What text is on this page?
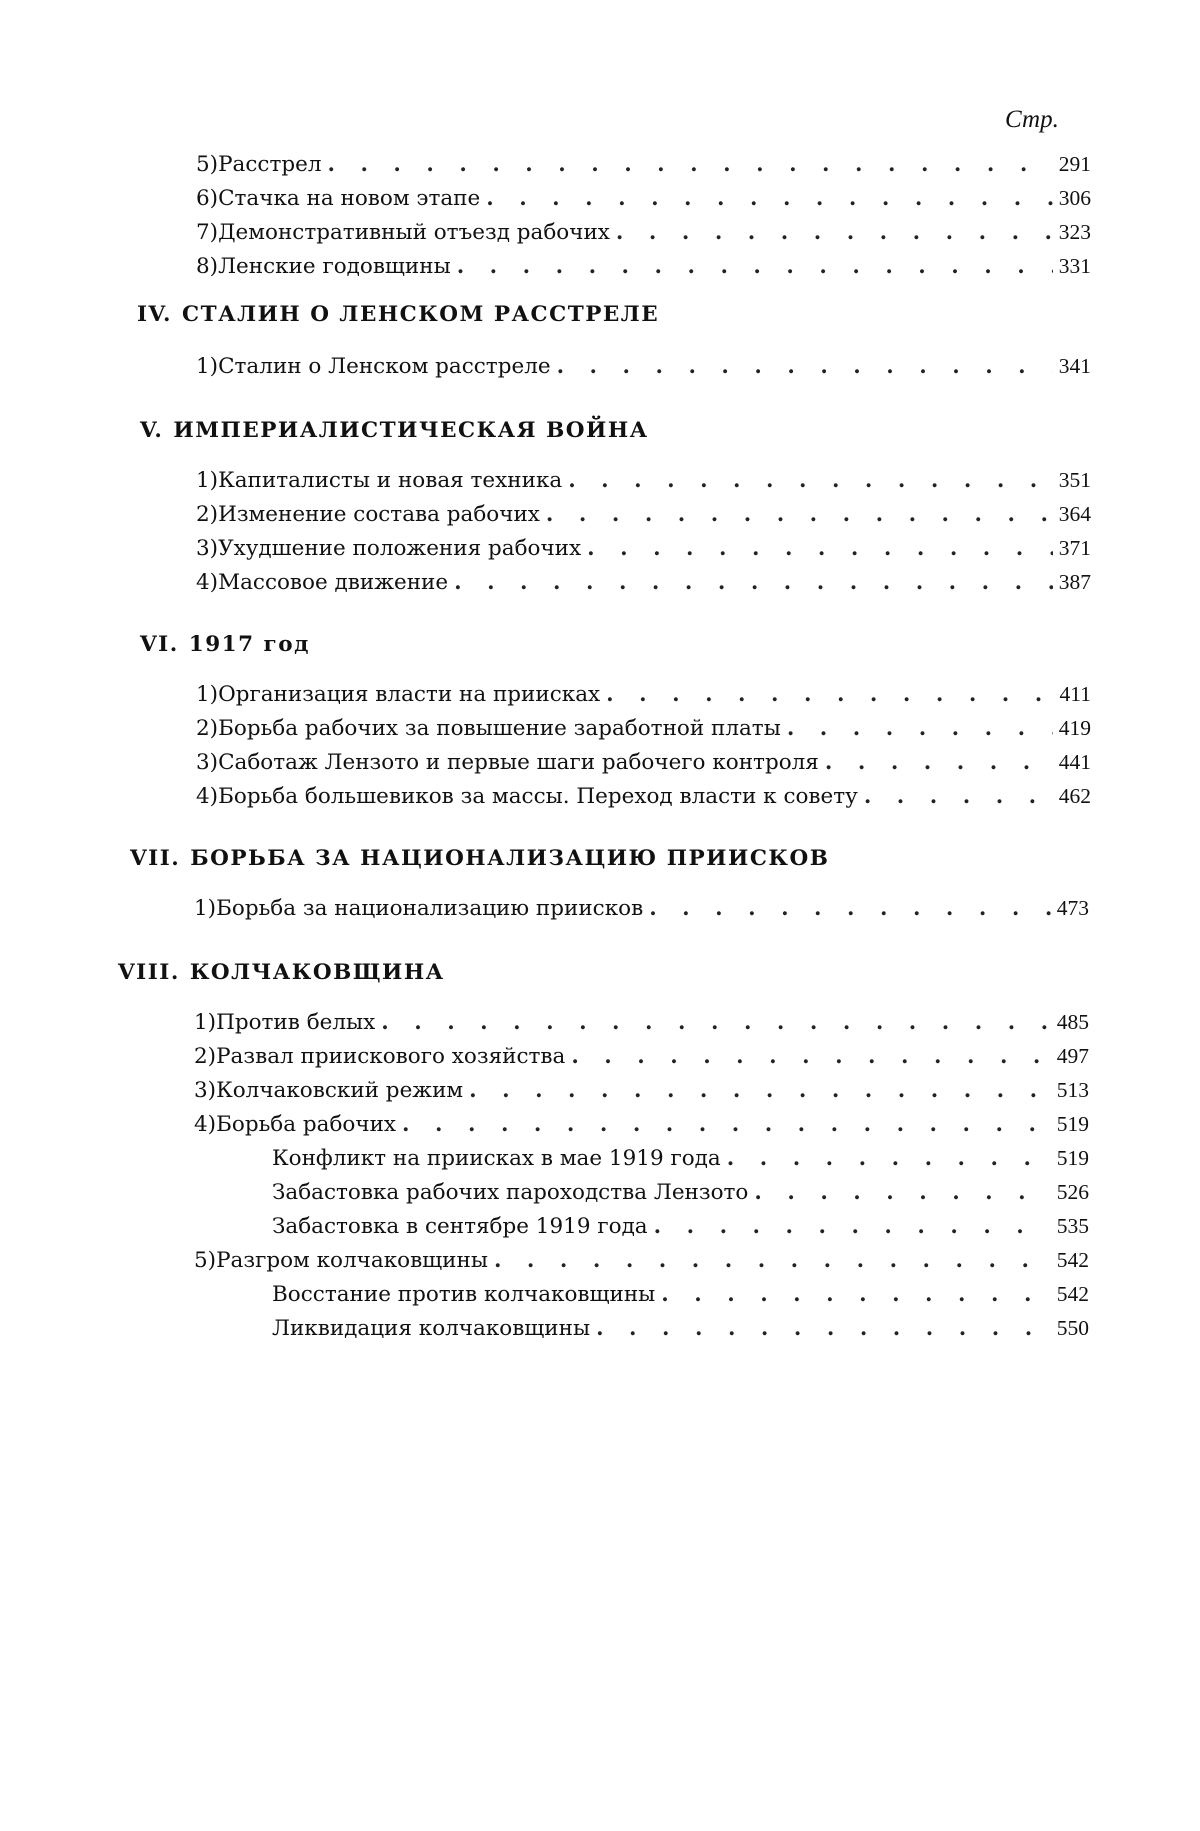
Стр.
5) Расстрел . . .	291
6) Стачка на новом этапе . . .	306
7) Демонстративный отъезд рабочих . . .	323
8) Ленские годовщины . . .	331
IV. СТАЛИН О ЛЕНСКОМ РАССТРЕЛЕ
1) Сталин о Ленском расстреле . . .	341
V. ИМПЕРИАЛИСТИЧЕСКАЯ ВОЙНА
1) Капиталисты и новая техника . . .	351
2) Изменение состава рабочих . . .	364
3) Ухудшение положения рабочих . . .	371
4) Массовое движение . . .	387
VI. 1917 год
1) Организация власти на приисках . . .	411
2) Борьба рабочих за повышение заработной платы . . .	419
3) Саботаж Лензото и первые шаги рабочего контроля . . .	441
4) Борьба большевиков за массы. Переход власти к совету . . .	462
VII. БОРЬБА ЗА НАЦИОНАЛИЗАЦИЮ ПРИИСКОВ
1) Борьба за национализацию приисков . . .	473
VIII. КОЛЧАКОВЩИНА
1) Против белых . . .	485
2) Развал приискового хозяйства . . .	497
3) Колчаковский режим . . .	513
4) Борьба рабочих . . .	519
Конфликт на приисках в мае 1919 года . . .	519
Забастовка рабочих пароходства Лензото . . .	526
Забастовка в сентябре 1919 года . . .	535
5) Разгром колчаковщины . . .	542
Восстание против колчаковщины . . .	542
Ликвидация колчаковщины . . .	550
